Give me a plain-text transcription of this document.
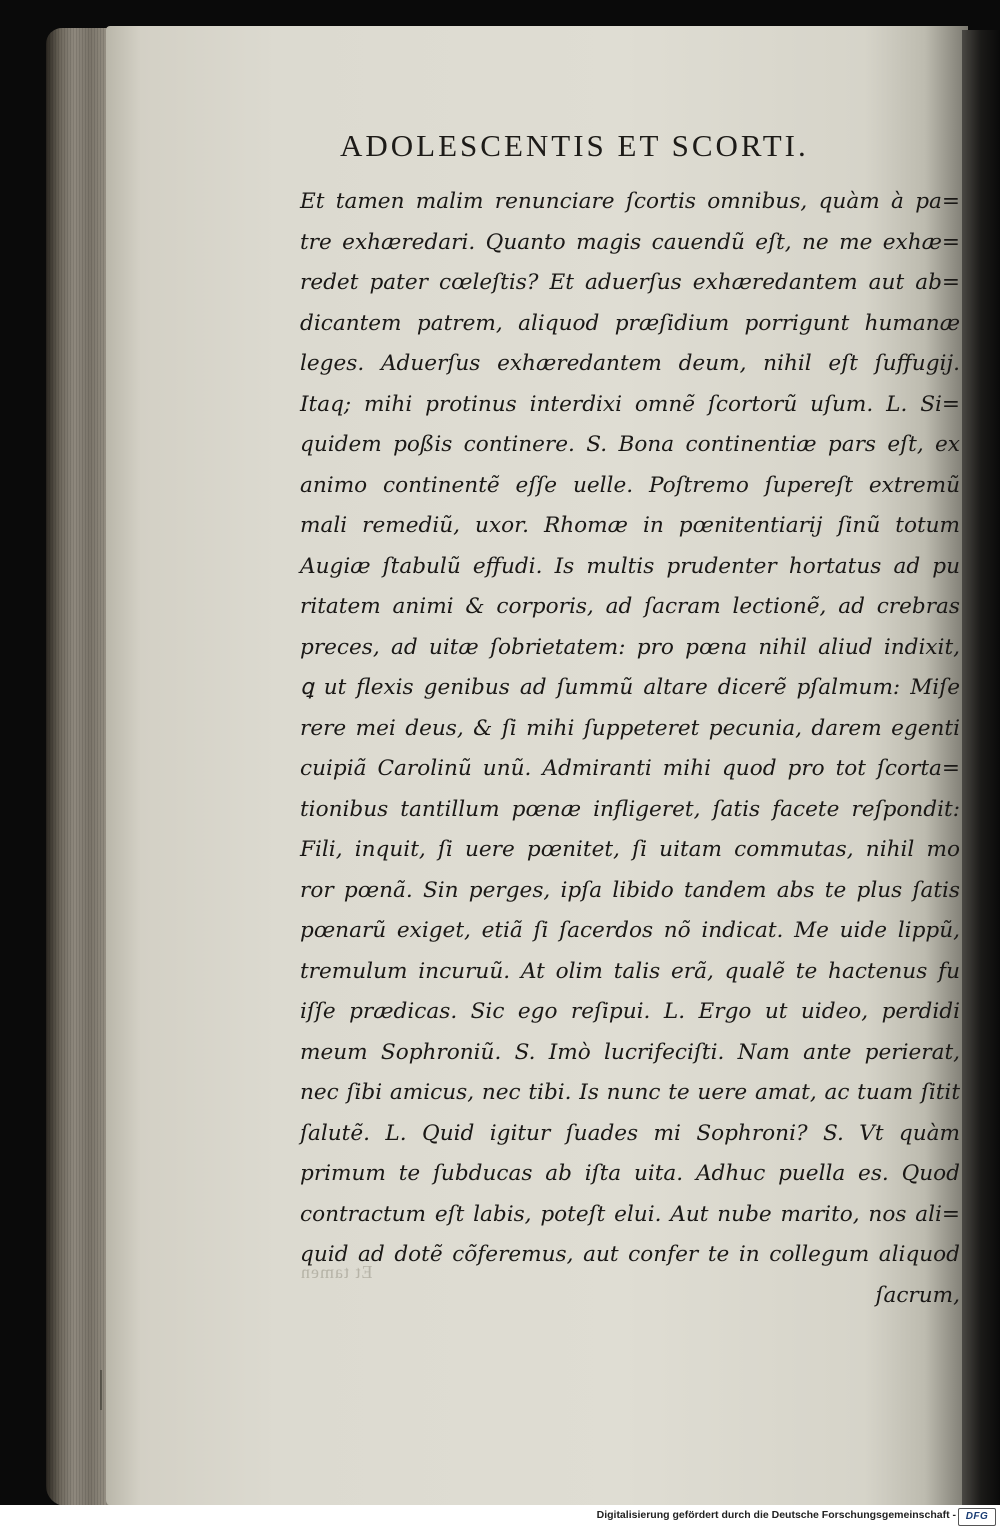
ADOLESCENTIS ET SCORTI.
Et tamen malim renunciare ſcortis omnibus, quàm à pa=
tre exhæredari. Quanto magis cauendũ eſt, ne me exhæ=
redet pater cœleſtis? Et aduerſus exhæredantem aut ab=
dicantem patrem, aliquod præſidium porrigunt humanæ
leges. Aduerſus exhæredantem deum, nihil eſt ſuffugij.
Itaq; mihi protinus interdixi omnẽ ſcortorũ uſum. L. Si=
quidem poßis continere. S. Bona continentiæ pars eſt, ex
animo continentẽ eſſe uelle. Poſtremo ſupereſt extremũ
mali remediũ, uxor. Rhomæ in pœnitentiarij ſinũ totum
Augiæ ſtabulũ effudi. Is multis prudenter hortatus ad pu
ritatem animi & corporis, ad ſacram lectionẽ, ad crebras
preces, ad uitæ ſobrietatem: pro pœna nihil aliud indixit,
ꝗ ut flexis genibus ad ſummũ altare dicerẽ pſalmum: Miſe
rere mei deus, & ſi mihi ſuppeteret pecunia, darem egenti
cuipiã Carolinũ unũ. Admiranti mihi quod pro tot ſcorta=
tionibus tantillum pœnæ infligeret, ſatis facete reſpondit:
Fili, inquit, ſi uere pœnitet, ſi uitam commutas, nihil mo
ror pœnã. Sin perges, ipſa libido tandem abs te plus ſatis
pœnarũ exiget, etiã ſi ſacerdos nõ indicat. Me uide lippũ,
tremulum incuruũ. At olim talis erã, qualẽ te hactenus fu
iſſe prædicas. Sic ego reſipui. L. Ergo ut uideo, perdidi
meum Sophroniũ. S. Imò lucrifeciſti. Nam ante perierat,
nec ſibi amicus, nec tibi. Is nunc te uere amat, ac tuam ſitit
ſalutẽ. L. Quid igitur ſuades mi Sophroni? S. Vt quàm
primum te ſubducas ab iſta uita. Adhuc puella es. Quod
contractum eſt labis, poteſt elui. Aut nube marito, nos ali=
quid ad dotẽ cõferemus, aut confer te in collegum aliquod
ſacrum,
Et tamen
Digitalisierung gefördert durch die Deutsche Forschungsgemeinschaft - DFG
